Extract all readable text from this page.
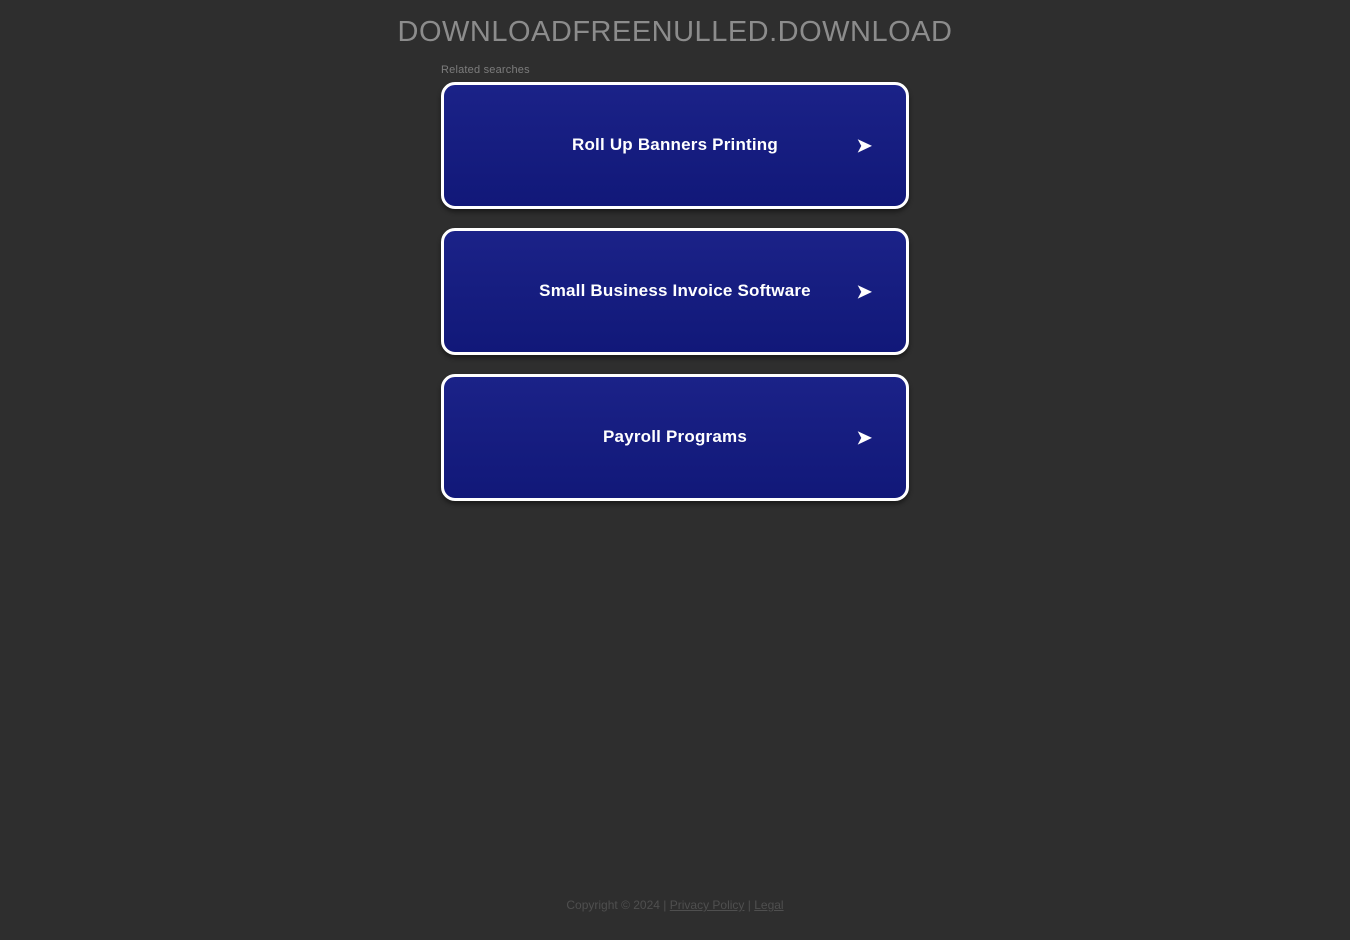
DOWNLOADFREENULLED.DOWNLOAD
Related searches
Roll Up Banners Printing	➤
Small Business Invoice Software	➤
Payroll Programs	➤
Copyright © 2024 | Privacy Policy | Legal
